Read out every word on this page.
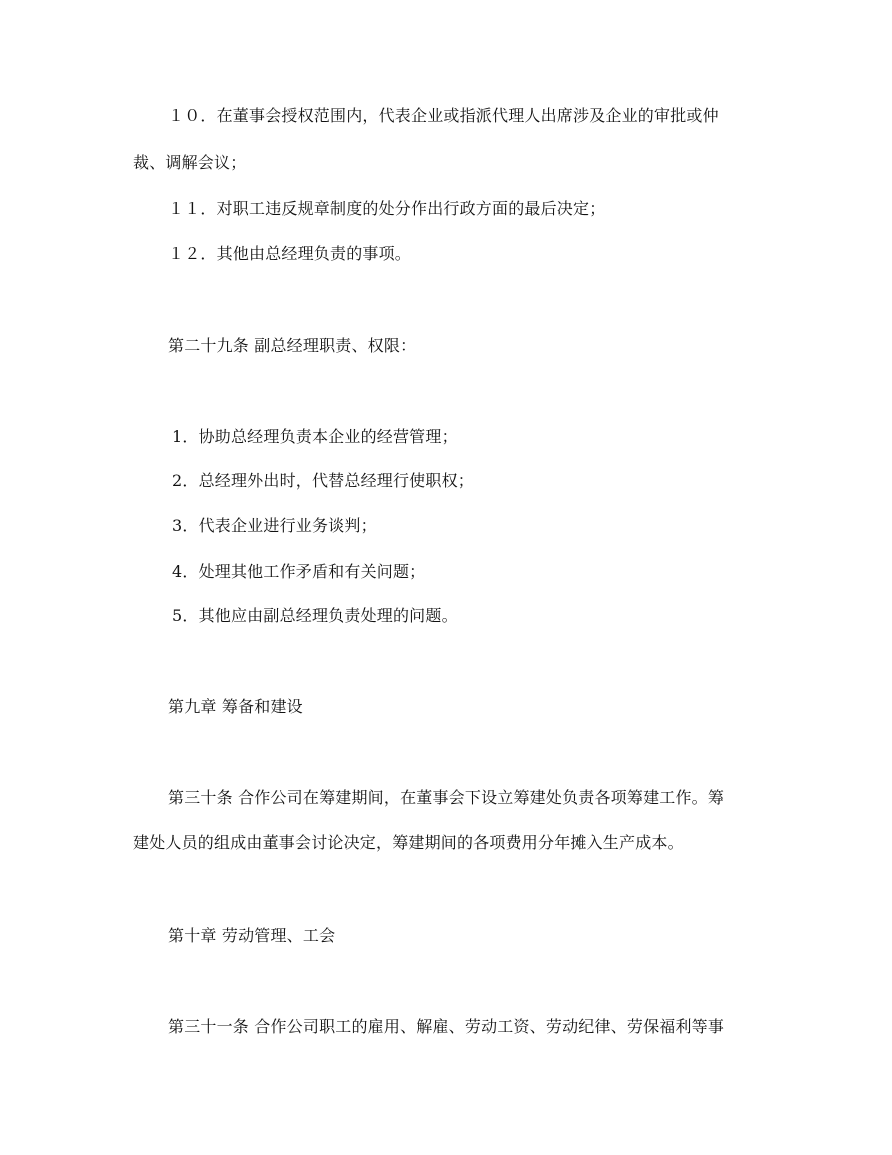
１０．在董事会授权范围内，代表企业或指派代理人出席涉及企业的审批或仲
裁、调解会议；
１１．对职工违反规章制度的处分作出行政方面的最后决定；
１２．其他由总经理负责的事项。
第二十九条 副总经理职责、权限：
1．协助总经理负责本企业的经营管理；
2．总经理外出时，代替总经理行使职权；
3．代表企业进行业务谈判；
4．处理其他工作矛盾和有关问题；
5．其他应由副总经理负责处理的问题。
第九章 筹备和建设
第三十条 合作公司在筹建期间，在董事会下设立筹建处负责各项筹建工作。筹
建处人员的组成由董事会讨论决定，筹建期间的各项费用分年摊入生产成本。
第十章 劳动管理、工会
第三十一条 合作公司职工的雇用、解雇、劳动工资、劳动纪律、劳保福利等事
